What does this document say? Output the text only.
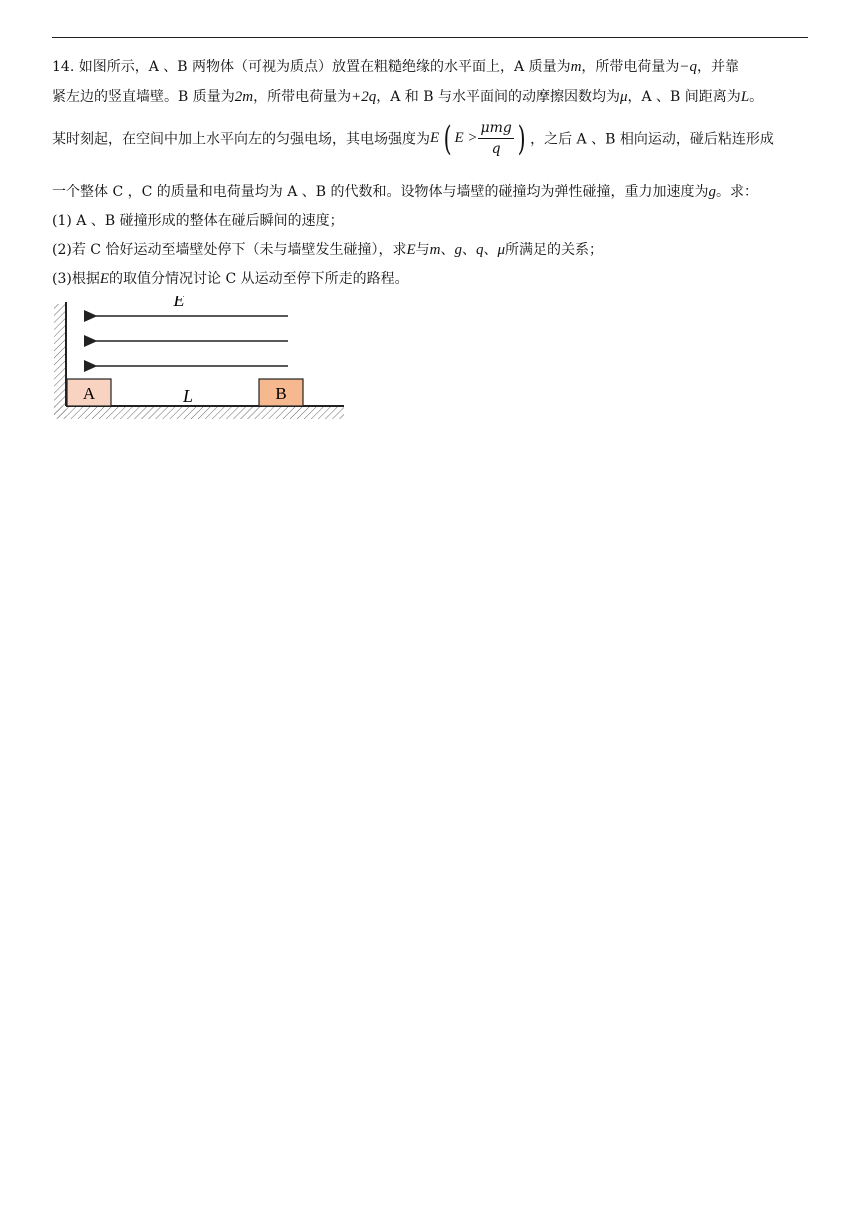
14. 如图所示，A 、B 两物体（可视为质点）放置在粗糙绝缘的水平面上，A 质量为m，所带电荷量为−q，并靠
紧左边的竖直墙壁。B 质量为2m，所带电荷量为+2q，A 和 B 与水平面间的动摩擦因数均为μ，A 、B 间距离为L。
某时刻起，在空间中加上水平向左的匀强电场，其电场强度为E ( $E > \frac{\text{μmg}}{q}$ ) ，之后 A 、B 相向运动，碰后粘连形成
一个整体 C ，C 的质量和电荷量均为 A 、B 的代数和。设物体与墙壁的碰撞均为弹性碰撞，重力加速度为g。求：
(1) A 、B 碰撞形成的整体在碰后瞬间的速度；
(2)若 C 恰好运动至墙壁处停下（未与墙壁发生碰撞），求E与m、g、q、μ所满足的关系；
(3)根据E的取值分情况讨论 C 从运动至停下所走的路程。
E
A	B
L
